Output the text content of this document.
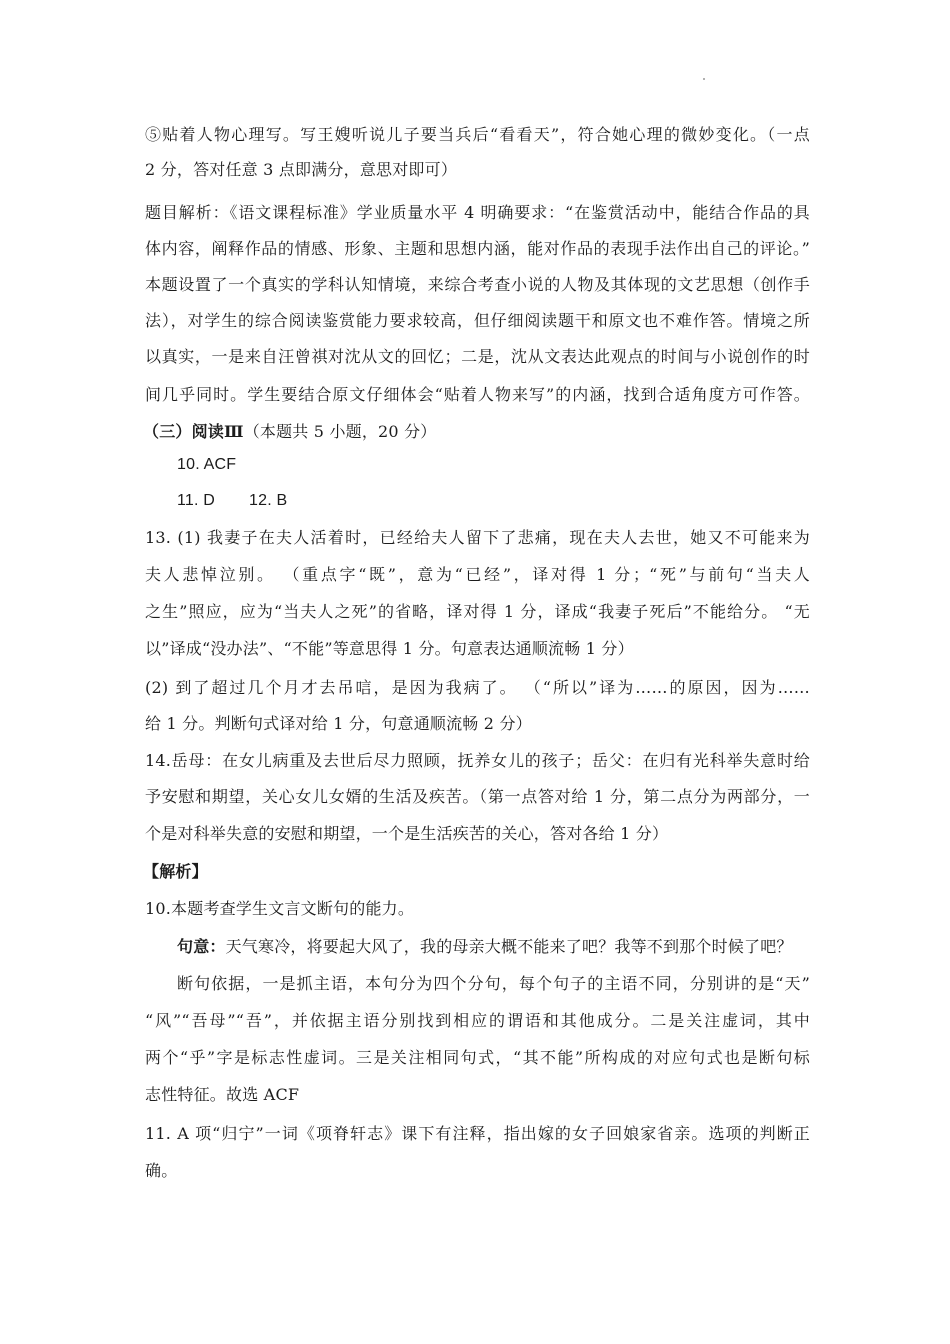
⑤贴着人物心理写。写王嫂听说儿子要当兵后“看看天”，符合她心理的微妙变化。（一点
2 分，答对任意 3 点即满分，意思对即可）
题目解析：《语文课程标准》学业质量水平 4 明确要求：“在鉴赏活动中，能结合作品的具
体内容，阐释作品的情感、形象、主题和思想内涵，能对作品的表现手法作出自己的评论。”
本题设置了一个真实的学科认知情境，来综合考查小说的人物及其体现的文艺思想（创作手
法），对学生的综合阅读鉴赏能力要求较高，但仔细阅读题干和原文也不难作答。情境之所
以真实，一是来自汪曾祺对沈从文的回忆；二是，沈从文表达此观点的时间与小说创作的时
间几乎同时。学生要结合原文仔细体会“贴着人物来写”的内涵，找到合适角度方可作答。
（三）阅读Ⅲ（本题共 5 小题，20 分）
10. ACF
11. D 12. B
13. (1) 我妻子在夫人活着时，已经给夫人留下了悲痛，现在夫人去世，她又不可能来为
夫人悲悼泣别。 （重点字“既”，意为“已经”，译对得 1 分；“死”与前句“当夫人
之生”照应，应为“当夫人之死”的省略，译对得 1 分，译成“我妻子死后”不能给分。 “无
以”译成“没办法”、“不能”等意思得 1 分。句意表达通顺流畅 1 分）
(2) 到了超过几个月才去吊唁，是因为我病了。 （“所以”译为……的原因，因为……
给 1 分。判断句式译对给 1 分，句意通顺流畅 2 分）
14.岳母：在女儿病重及去世后尽力照顾，抚养女儿的孩子；岳父：在归有光科举失意时给
予安慰和期望，关心女儿女婿的生活及疾苦。（第一点答对给 1 分，第二点分为两部分，一
个是对科举失意的安慰和期望，一个是生活疾苦的关心，答对各给 1 分）
【解析】
10.本题考查学生文言文断句的能力。
句意：天气寒冷，将要起大风了，我的母亲大概不能来了吧？我等不到那个时候了吧？
断句依据，一是抓主语，本句分为四个分句，每个句子的主语不同，分别讲的是“天”
“风”“吾母”“吾”，并依据主语分别找到相应的谓语和其他成分。二是关注虚词，其中
两个“乎”字是标志性虚词。三是关注相同句式，“其不能”所构成的对应句式也是断句标
志性特征。故选 ACF
11. A 项“归宁”一词《项脊轩志》课下有注释，指出嫁的女子回娘家省亲。选项的判断正
确。
